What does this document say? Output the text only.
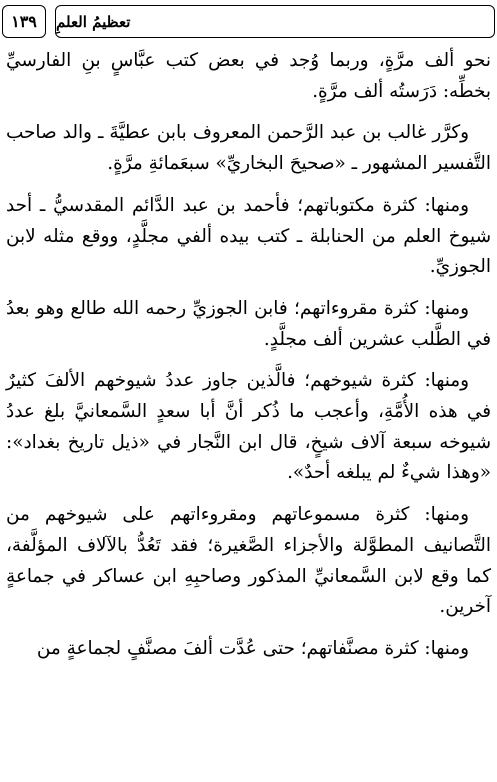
١٣٩	تعظيمُ العلمِ

نحو ألف مرَّةٍ، وربما وُجد في بعض كتب عبَّاسٍ بنِ الفارسيِّ بخطِّه: دَرَستُه ألف مرَّةٍ.

وكرَّر غالب بن عبد الرَّحمن المعروف بابن عطيَّةَ ـ والد صاحب التَّفسير المشهور ـ «صحيحَ البخاريِّ» سبعَمائةِ مرَّةٍ.

ومنها: كثرة مكتوباتهم؛ فأحمد بن عبد الدَّائم المقدسيُّ ـ أحد شيوخ العلم من الحنابلة ـ كتب بيده ألفي مجلَّدٍ، ووقع مثله لابن الجوزيِّ.

ومنها: كثرة مقروءاتهم؛ فابن الجوزيِّ رحمه الله طالع وهو بعدُ في الطَّلب عشرين ألف مجلَّدٍ.

ومنها: كثرة شيوخهم؛ فالَّذين جاوز عددُ شيوخهم الألفَ كثيرٌ في هذه الأُمَّةِ، وأعجب ما ذُكر أنَّ أبا سعدٍ السَّمعانيَّ بلغ عددُ شيوخه سبعة آلاف شيخٍ، قال ابن النَّجار في «ذيل تاريخ بغداد»: «وهذا شيءٌ لم يبلغه أحدٌ».

ومنها: كثرة مسموعاتهم ومقروءاتهم على شيوخهم من التَّصانيف المطوَّلة والأجزاء الصَّغيرة؛ فقد تَعُدُّ بالآلاف المؤلَّفة، كما وقع لابن السَّمعانيِّ المذكور وصاحبِهِ ابن عساكر في جماعةٍ آخرين.

ومنها: كثرة مصنَّفاتهم؛ حتى عُدَّت ألفَ مصنَّفٍ لجماعةٍ من
